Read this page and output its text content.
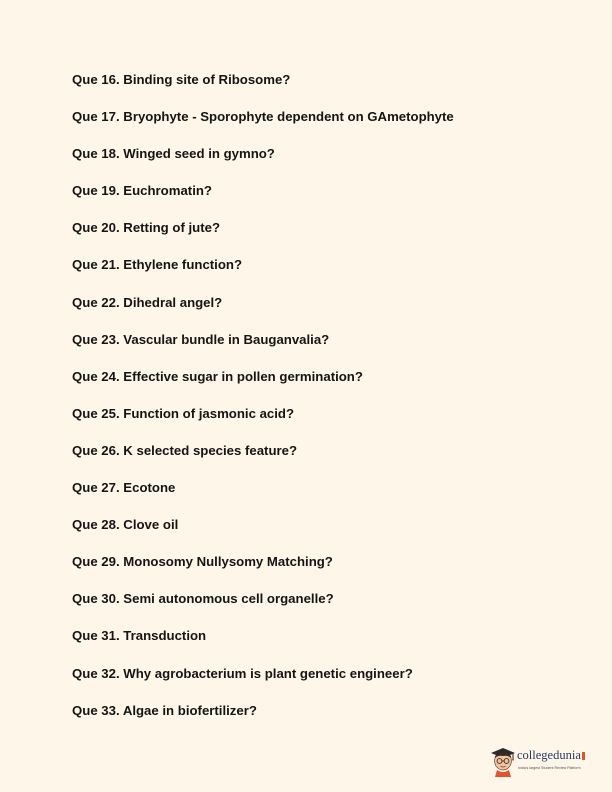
Que 16. Binding site of Ribosome?
Que 17. Bryophyte - Sporophyte dependent on GAmetophyte
Que 18. Winged seed in gymno?
Que 19. Euchromatin?
Que 20. Retting of jute?
Que 21. Ethylene function?
Que 22. Dihedral angel?
Que 23. Vascular bundle in Bauganvalia?
Que 24. Effective sugar in pollen germination?
Que 25. Function of jasmonic acid?
Que 26. K selected species feature?
Que 27. Ecotone
Que 28. Clove oil
Que 29. Monosomy Nullysomy Matching?
Que 30. Semi autonomous cell organelle?
Que 31. Transduction
Que 32. Why agrobacterium is plant genetic engineer?
Que 33. Algae in biofertilizer?
collegedunia
India's largest Student Review Platform
